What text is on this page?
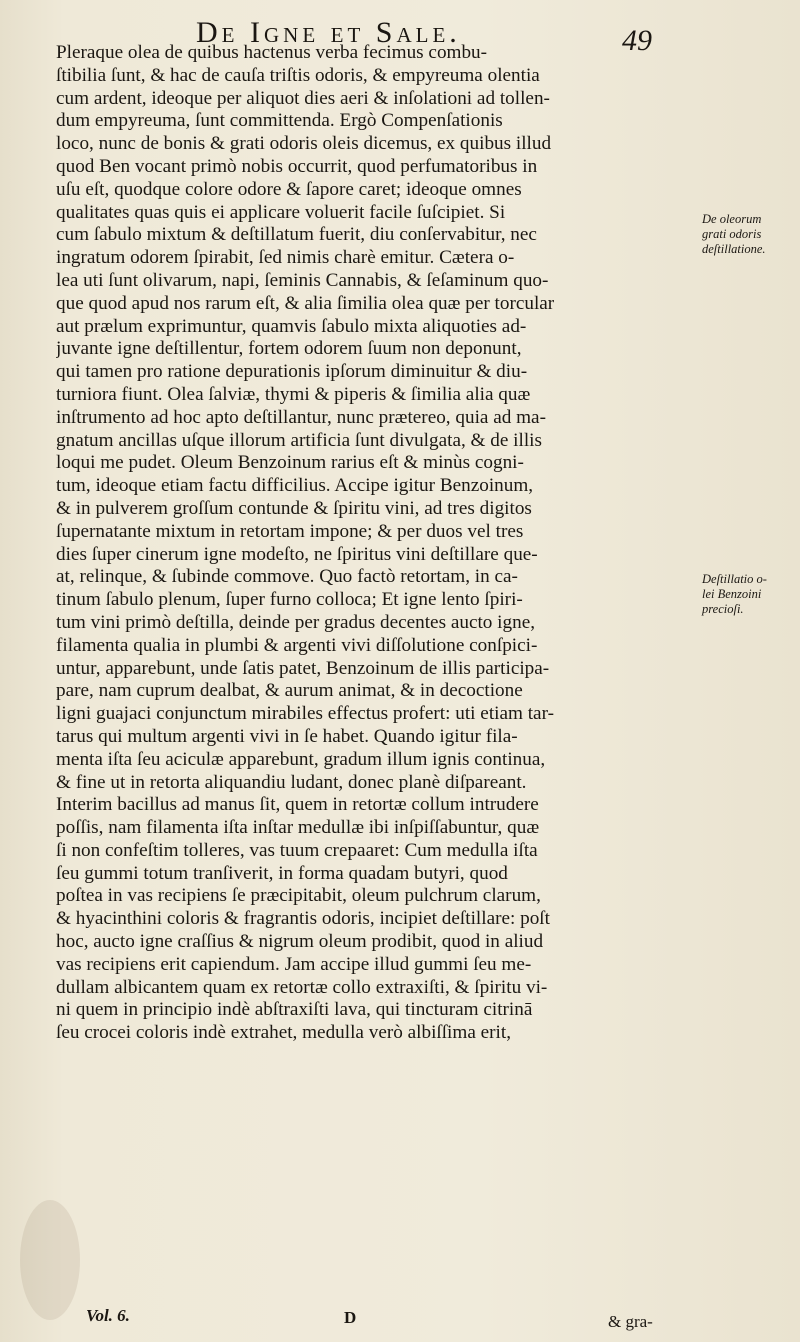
De Igne et Sale.	49
Pleraque olea de quibus hactenus verba fecimus combu-
ſtibilia ſunt, & hac de cauſa triſtis odoris, & empyreuma olentia
cum ardent, ideoque per aliquot dies aeri & inſolationi ad tollen-
dum empyreuma, ſunt committenda. Ergò Compenſationis
loco, nunc de bonis & grati odoris oleis dicemus, ex quibus illud
quod Ben vocant primò nobis occurrit, quod perfumatoribus in
uſu eſt, quodque colore odore & ſapore caret; ideoque omnes
qualitates quas quis ei applicare voluerit facile ſuſcipiet. Si
cum ſabulo mixtum & deſtillatum fuerit, diu conſervabitur, nec
ingratum odorem ſpirabit, ſed nimis charè emitur. Cætera o-
lea uti ſunt olivarum, napi, ſeminis Cannabis, & ſeſaminum quo-
que quod apud nos rarum eſt, & alia ſimilia olea quæ per torcular
aut prælum exprimuntur, quamvis ſabulo mixta aliquoties ad-
juvante igne deſtillentur, fortem odorem ſuum non deponunt,
qui tamen pro ratione depurationis ipſorum diminuitur & diu-
turniora fiunt. Olea ſalviæ, thymi & piperis & ſimilia alia quæ
inſtrumento ad hoc apto deſtillantur, nunc prætereo, quia ad ma-
gnatum ancillas uſque illorum artificia ſunt divulgata, & de illis
loqui me pudet. Oleum Benzoinum rarius eſt & minùs cogni-
tum, ideoque etiam factu difficilius. Accipe igitur Benzoinum,
& in pulverem groſſum contunde & ſpiritu vini, ad tres digitos
ſupernatante mixtum in retortam impone; & per duos vel tres
dies ſuper cinerum igne modeſto, ne ſpiritus vini deſtillare que-
at, relinque, & ſubinde commove. Quo factò retortam, in ca-
tinum ſabulo plenum, ſuper furno colloca; Et igne lento ſpiri-
tum vini primò deſtilla, deinde per gradus decentes aucto igne,
filamenta qualia in plumbi & argenti vivi diſſolutione conſpici-
untur, apparebunt, unde ſatis patet, Benzoinum de illis participa-
pare, nam cuprum dealbat, & aurum animat, & in decoctione
ligni guajaci conjunctum mirabiles effectus profert: uti etiam tar-
tarus qui multum argenti vivi in ſe habet. Quando igitur fila-
menta iſta ſeu aciculæ apparebunt, gradum illum ignis continua,
& fine ut in retorta aliquandiu ludant, donec planè diſpareant.
Interim bacillus ad manus ſit, quem in retortæ collum intrudere
poſſis, nam filamenta iſta inſtar medullæ ibi inſpiſſabuntur, quæ
ſi non confeſtim tolleres, vas tuum crepaaret: Cum medulla iſta
ſeu gummi totum tranſiverit, in forma quadam butyri, quod
poſtea in vas recipiens ſe præcipitabit, oleum pulchrum clarum,
& hyacinthini coloris & fragrantis odoris, incipiet deſtillare: poſt
hoc, aucto igne craſſius & nigrum oleum prodibit, quod in aliud
vas recipiens erit capiendum. Jam accipe illud gummi ſeu me-
dullam albicantem quam ex retortæ collo extraxiſti, & ſpiritu vi-
ni quem in principio indè abſtraxiſti lava, qui tincturam citrinā
ſeu crocei coloris indè extrahet, medulla verò albiſſima erit,
De oleorum
grati odoris
deſtillatione.
Deſtillatio o-
lei Benzoini
precioſi.
Vol. 6.	D	& gra-
